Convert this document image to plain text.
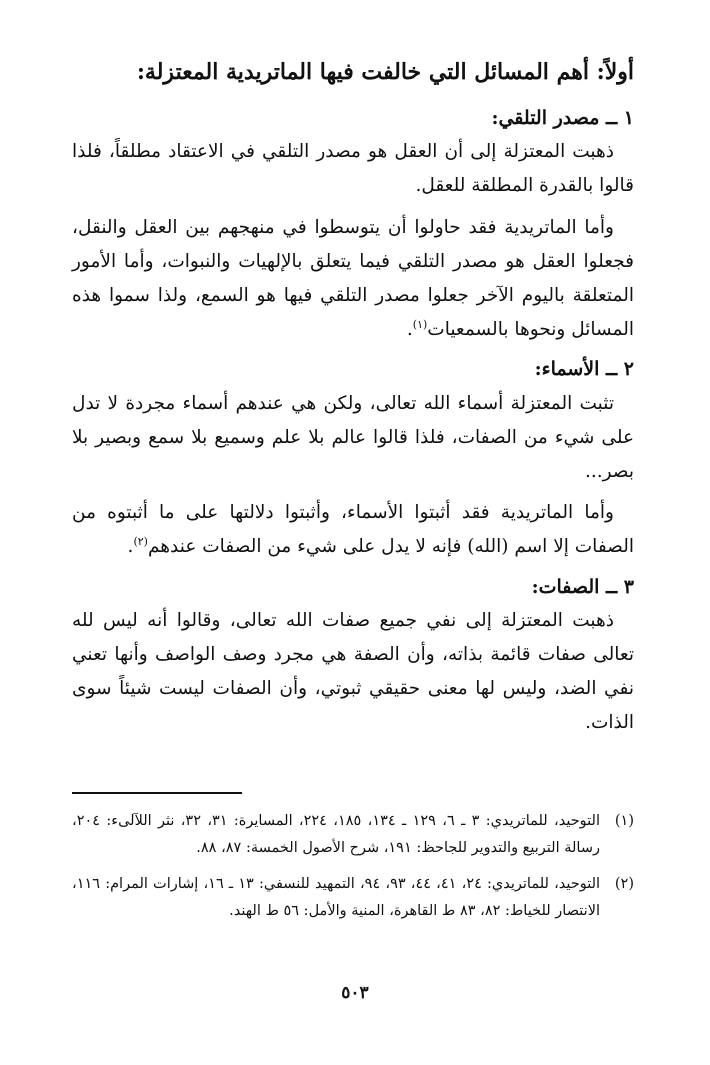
أولاً: أهم المسائل التي خالفت فيها الماتريدية المعتزلة:
١ ــ مصدر التلقي:

ذهبت المعتزلة إلى أن العقل هو مصدر التلقي في الاعتقاد مطلقاً، فلذا قالوا بالقدرة المطلقة للعقل.

وأما الماتريدية فقد حاولوا أن يتوسطوا في منهجهم بين العقل والنقل، فجعلوا العقل هو مصدر التلقي فيما يتعلق بالإلهيات والنبوات، وأما الأمور المتعلقة باليوم الآخر جعلوا مصدر التلقي فيها هو السمع، ولذا سموا هذه المسائل ونحوها بالسمعيات$^{(١)}$.

٢ ــ الأسماء:

تثبت المعتزلة أسماء الله تعالى، ولكن هي عندهم أسماء مجردة لا تدل على شيء من الصفات، فلذا قالوا عالم بلا علم وسميع بلا سمع وبصير بلا بصر...

وأما الماتريدية فقد أثبتوا الأسماء، وأثبتوا دلالتها على ما أثبتوه من الصفات إلا اسم (الله) فإنه لا يدل على شيء من الصفات عندهم$^{(٢)}$.

٣ ــ الصفات:

ذهبت المعتزلة إلى نفي جميع صفات الله تعالى، وقالوا أنه ليس لله تعالى صفات قائمة بذاته، وأن الصفة هي مجرد وصف الواصف وأنها تعني نفي الضد، وليس لها معنى حقيقي ثبوتي، وأن الصفات ليست شيئاً سوى الذات.

(١)
التوحيد، للماتريدي: ٣ ـ ٦، ١٢٩ ـ ١٣٤، ١٨٥، ٢٢٤، المسايرة: ٣١، ٣٢، نثر اللآلىء: ٢٠٤، رسالة التربيع والتدوير للجاحظ: ١٩١، شرح الأصول الخمسة: ٨٧، ٨٨.
(٢)
التوحيد، للماتريدي: ٢٤، ٤١، ٤٤، ٩٣، ٩٤، التمهيد للنسفي: ١٣ ـ ١٦، إشارات المرام: ١١٦، الانتصار للخياط: ٨٢، ٨٣ ط القاهرة، المنية والأمل: ٥٦ ط الهند.
٥٠٣
